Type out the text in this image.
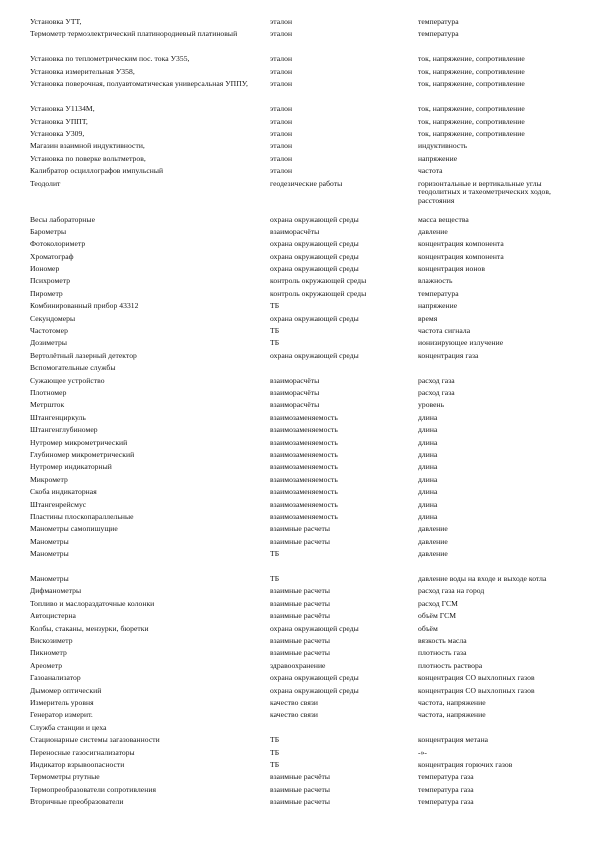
Установка УТТ,	эталон	температура
Термометр термоэлектрический платинородиевый платиновый	эталон	температура
Установка по теплометрическим пос. тока У355,	эталон	ток, напряжение, сопротивление
Установка измерительная У358,	эталон	ток, напряжение, сопротивление
Установка поверочная, полуавтоматическая универсальная УППУ,	эталон	ток, напряжение, сопротивление
Установка У1134М,	эталон	ток, напряжение, сопротивление
Установка УППТ,	эталон	ток, напряжение, сопротивление
Установка У309,	эталон	ток, напряжение, сопротивление
Магазин взаимной индуктивности,	эталон	индуктивность
Установка по поверке вольтметров,	эталон	напряжение
Калибратор осциллографов импульсный	эталон	частота
Теодолит	геодезические работы	горизонтальные и вертикальные углы теодолитных и тахеометрических ходов, расстояния
Весы лабораторные	охрана окружающей среды	масса вещества
Барометры	взаиморасчёты	давление
Фотоколориметр	охрана окружающей среды	концентрация компонента
Хроматограф	охрана окружающей среды	концентрация компонента
Иономер	охрана окружающей среды	концентрация ионов
Психрометр	контроль окружающей среды	влажность
Пирометр	контроль окружающей среды	температура
Комбинированный прибор 43312	ТБ	напряжение
Секундомеры	охрана окружающей среды	время
Частотомер	ТБ	частота сигнала
Дозиметры	ТБ	ионизирующее излучение
Вертолётный лазерный детектор	охрана окружающей среды	концентрация газа
Вспомогательные службы		
Сужающее устройство	взаиморасчёты	расход газа
Плотномер	взаиморасчёты	расход газа
Метршток	взаиморасчёты	уровень
Штангенциркуль	взаимозаменяемость	длина
Штангенглубиномер	взаимозаменяемость	длина
Нутромер микрометрический	взаимозаменяемость	длина
Глубиномер микрометрический	взаимозаменяемость	длина
Нутромер индикаторный	взаимозаменяемость	длина
Микрометр	взаимозаменяемость	длина
Скоба индикаторная	взаимозаменяемость	длина
Штангенрейсмус	взаимозаменяемость	длина
Пластины плоскопараллельные	взаимозаменяемость	длина
Манометры самопишущие	взаимные расчеты	давление
Манометры	взаимные расчеты	давление
Манометры	ТБ	давление
Манометры	ТБ	давление воды на входе и выходе котла
Дифманометры	взаимные расчеты	расход газа на город
Топливо и маслораздаточные колонки	взаимные расчеты	расход ГСМ
Автоцистерна	взаимные расчёты	объём ГСМ
Колбы, стаканы, мензурки, бюретки	охрана окружающей среды	объём
Вискозиметр	взаимные расчеты	вязкость масла
Пикнометр	взаимные расчеты	плотность газа
Ареометр	здравоохранение	плотность раствора
Газоанализатор	охрана окружающей среды	концентрация СО выхлопных газов
Дымомер оптический	охрана окружающей среды	концентрация СО выхлопных газов
Измеритель уровня	качество связи	частота, напряжение
Генератор измерит.	качество связи	частота, напряжение
Служба станции и цеха		
Стационарные системы загазованности	ТБ	концентрация метана
Переносные газосигнализаторы	ТБ	-»-
Индикатор взрывоопасности	ТБ	концентрация горючих газов
Термометры ртутные	взаимные расчёты	температура газа
Термопреобразователи сопротивления	взаимные расчеты	температура газа
Вторичные преобразователи	взаимные расчеты	температура газа
